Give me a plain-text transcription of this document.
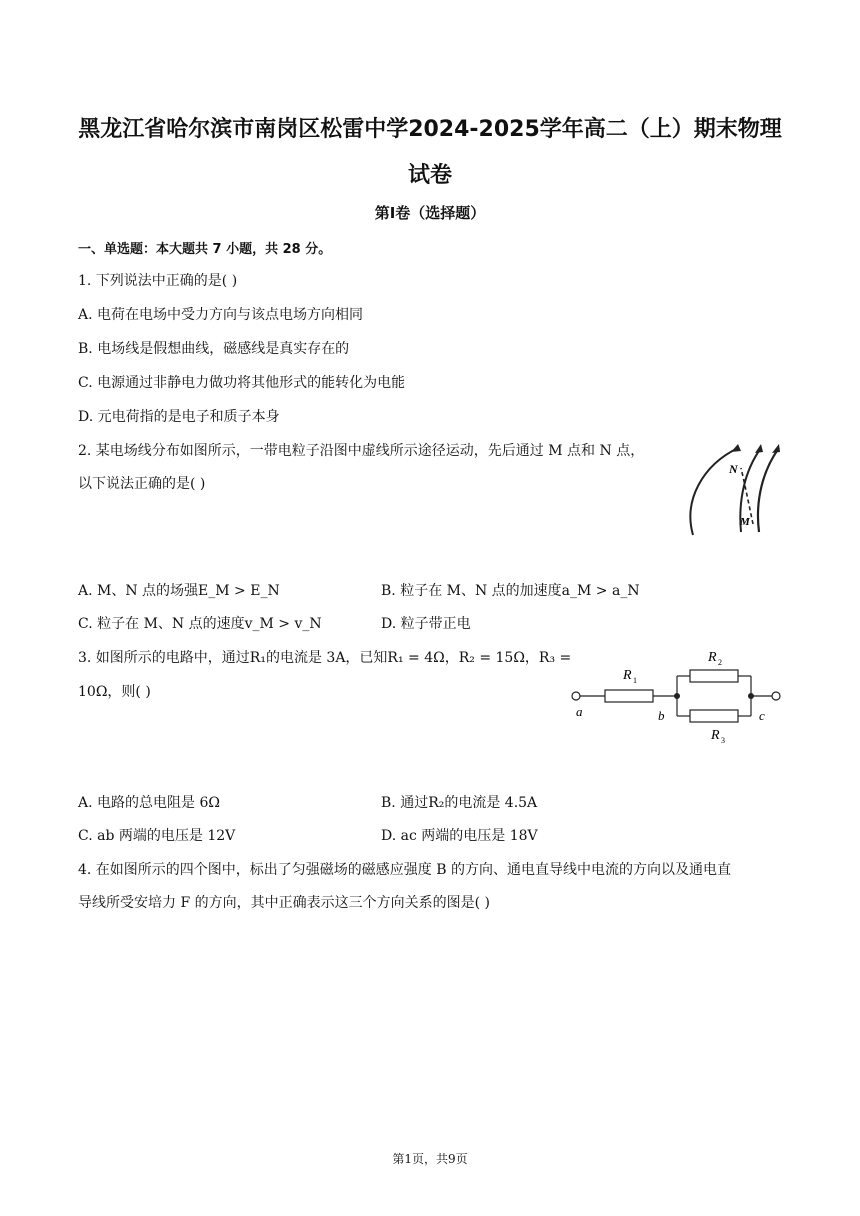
黑龙江省哈尔滨市南岗区松雷中学2024-2025学年高二（上）期末物理
试卷
第I卷（选择题）
一、单选题：本大题共 7 小题，共 28 分。
1. 下列说法中正确的是( )
A. 电荷在电场中受力方向与该点电场方向相同
B. 电场线是假想曲线，磁感线是真实存在的
C. 电源通过非静电力做功将其他形式的能转化为电能
D. 元电荷指的是电子和质子本身
2. 某电场线分布如图所示，一带电粒子沿图中虚线所示途径运动，先后通过 M 点和 N 点，
以下说法正确的是( )
N
M
A. M、N 点的场强E_M > E_N	B. 粒子在 M、N 点的加速度a_M > a_N
C. 粒子在 M、N 点的速度v_M > v_N	D. 粒子带正电
3. 如图所示的电路中，通过R₁的电流是 3A，已知R₁ = 4Ω，R₂ = 15Ω，R₃ =
10Ω，则( )
R 1
R 2
R 3
a	b	c
A. 电路的总电阻是 6Ω	B. 通过R₂的电流是 4.5A
C. ab 两端的电压是 12V	D. ac 两端的电压是 18V
4. 在如图所示的四个图中，标出了匀强磁场的磁感应强度 B 的方向、通电直导线中电流的方向以及通电直
导线所受安培力 F 的方向，其中正确表示这三个方向关系的图是( )
第1页，共9页
